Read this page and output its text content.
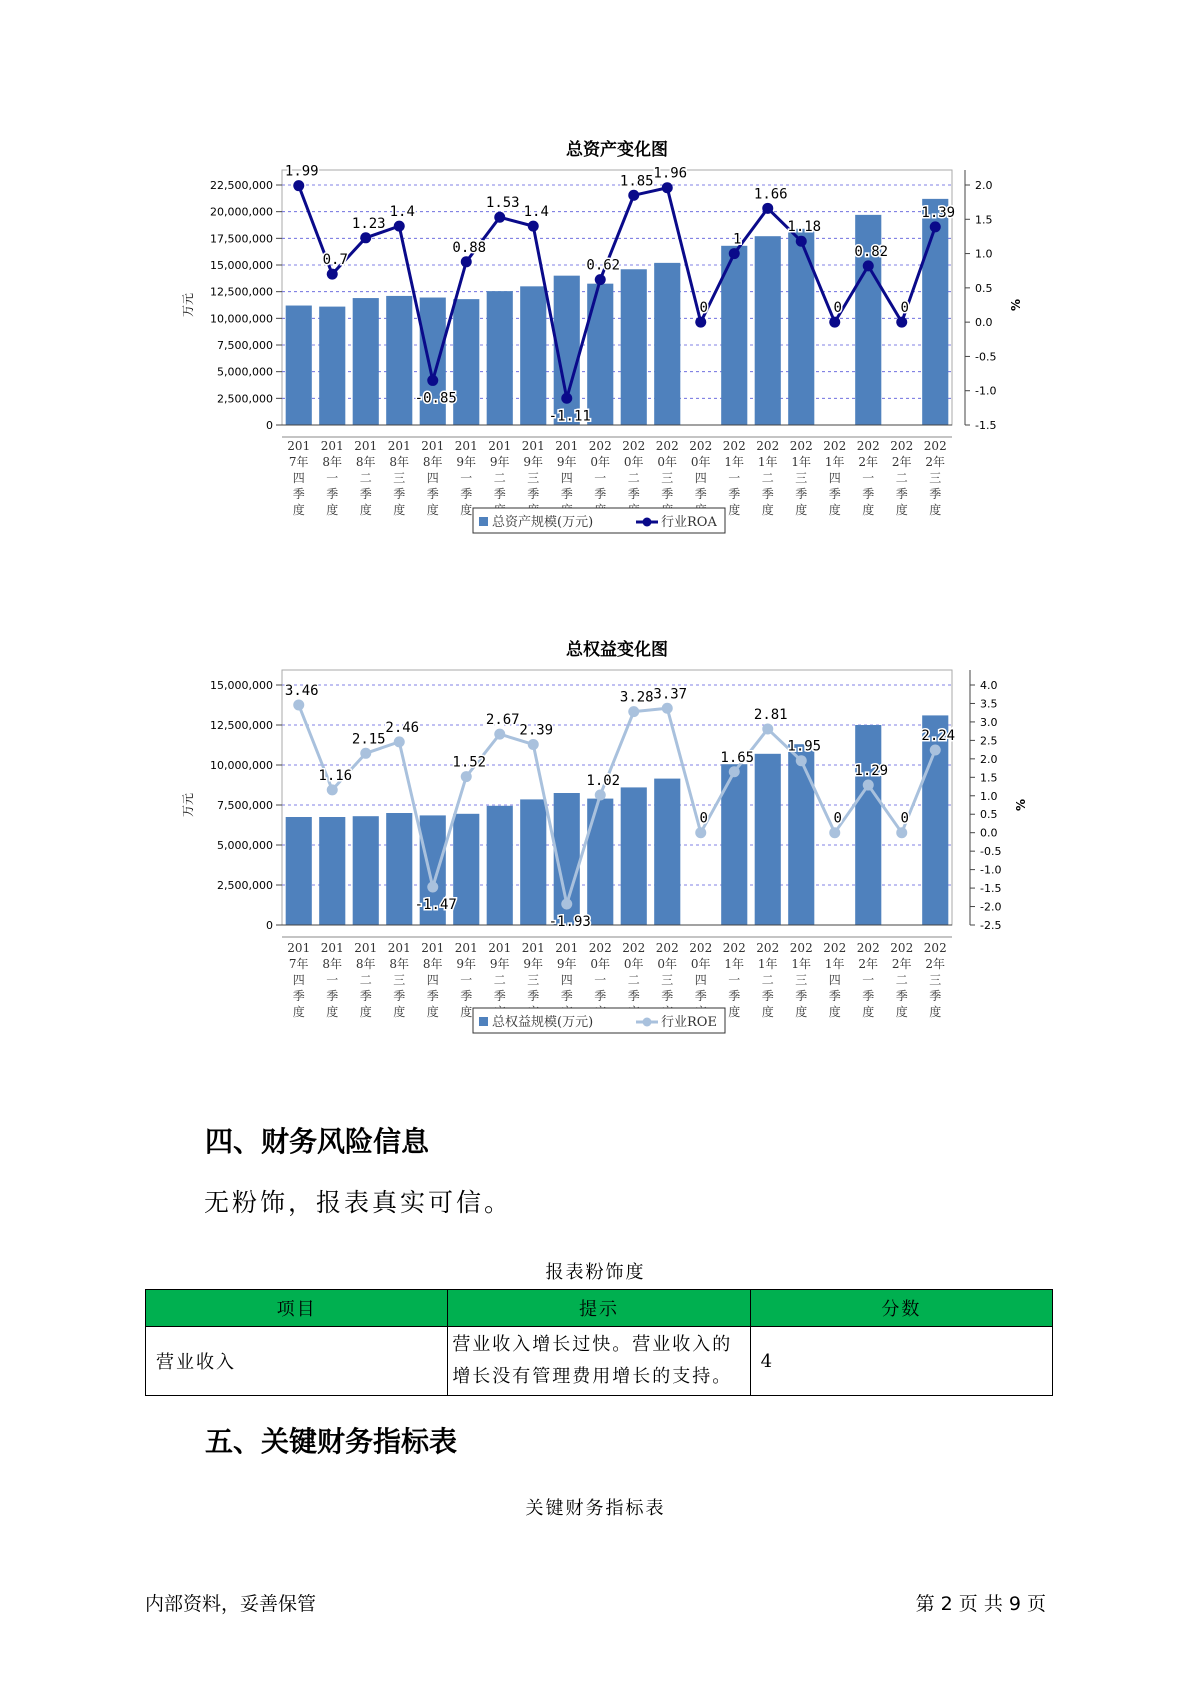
总资产变化图
0
2,500,000
5,000,000
7,500,000
10,000,000
12,500,000
15,000,000
17,500,000
20,000,000
22,500,000
万元
-1.5
-1.0
-0.5
0.0
0.5
1.0
1.5
2.0
%
201 7年四季度
201 8年一季度
201 8年二季度
201 8年三季度
201 8年四季度
201 9年一季度
201 9年二季
201 9年三季
201 9年四季
202 0年一季
202 0年二季
202 0年三季
202 0年四季
202 1年一季度
202 1年二季度
202 1年三季度
202 1年四季度
202 2年一季度
202 2年二季度
202 2年三季度
1.99
0.7
1.23
1.4
-0.85
0.88
1.53
1.4
-1.11
0.62
1.85 1.96
0
1
1.66
1.18
0
0.82
0
1.39
总资产规模(万元)	行业ROA
总权益变化图
0
2,500,000
5,000,000
7,500,000
10,000,000
12,500,000
15,000,000
万元
-2.5
-2.0
-1.5
-1.0
-0.5
0.0
0.5
1.0
1.5
2.0
2.5
3.0
3.5
4.0
%
201 7年四季度
201 8年一季度
201 8年二季度
201 8年三季度
201 8年四季度
201 9年一季度
201 9年二季
201 9年三季
201 9年四季
202 0年一季
202 0年二季
202 0年三季
202 0年四季
202 1年一季度
202 1年二季度
202 1年三季度
202 1年四季度
202 2年一季度
202 2年二季度
202 2年三季度
3.46
1.16
2.15
2.46
-1.47
1.52
2.67
2.39
-1.93
1.02
3.28 3.37
0
1.65
2.81
1.95
0
1.29
0
2.24
总权益规模(万元)	行业ROE
四、财务风险信息

无粉饰，报表真实可信。

报表粉饰度
项目	提示	分数
营业收入	营业收入增长过快。营业收入的增长没有管理费用增长的支持。	4
五、关键财务指标表
关键财务指标表
内部资料，妥善保管	第 2 页 共 9 页
